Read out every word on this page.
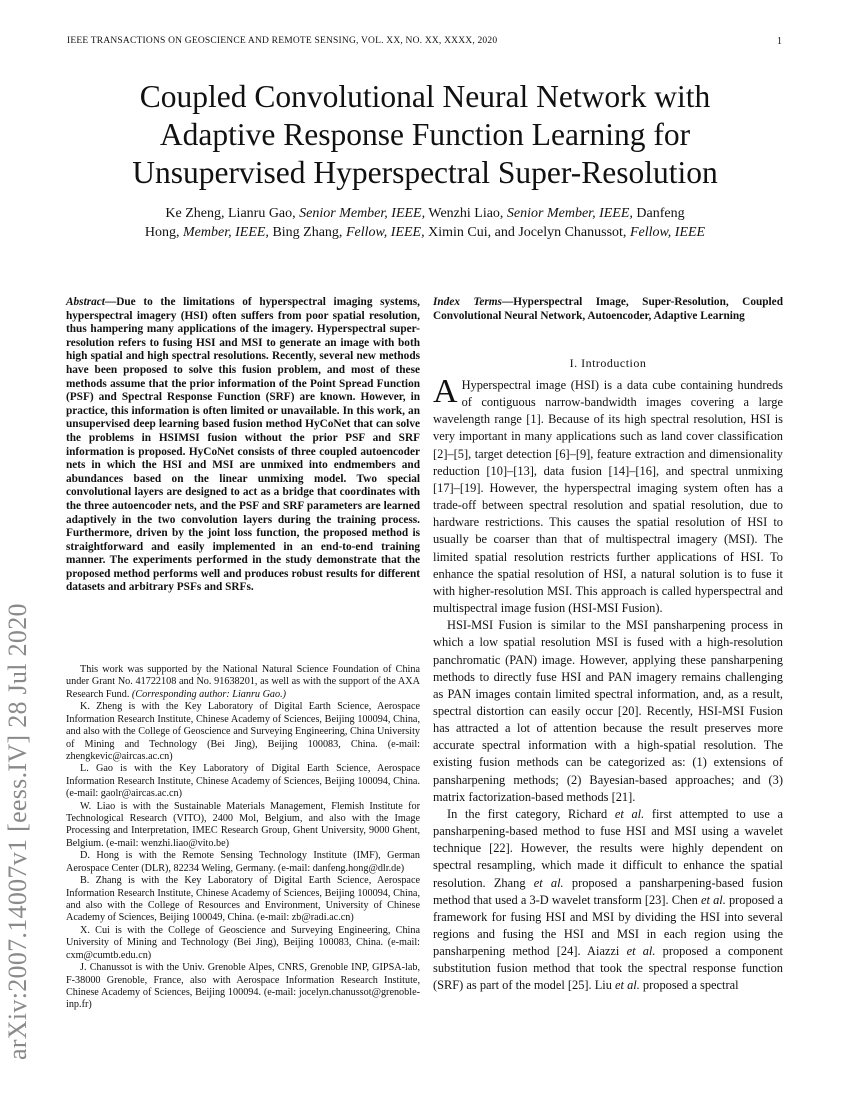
IEEE TRANSACTIONS ON GEOSCIENCE AND REMOTE SENSING, VOL. XX, NO. XX, XXXX, 2020	1
arXiv:2007.14007v1 [eess.IV] 28 Jul 2020
Coupled Convolutional Neural Network with
Adaptive Response Function Learning for
Unsupervised Hyperspectral Super-Resolution
Ke Zheng, Lianru Gao, Senior Member, IEEE, Wenzhi Liao, Senior Member, IEEE, Danfeng
Hong, Member, IEEE, Bing Zhang, Fellow, IEEE, Ximin Cui, and Jocelyn Chanussot, Fellow, IEEE
Abstract—Due to the limitations of hyperspectral imaging systems, hyperspectral imagery (HSI) often suffers from poor spatial resolution, thus hampering many applications of the imagery. Hyperspectral super-resolution refers to fusing HSI and MSI to generate an image with both high spatial and high spectral resolutions. Recently, several new methods have been proposed to solve this fusion problem, and most of these methods assume that the prior information of the Point Spread Function (PSF) and Spectral Response Function (SRF) are known. However, in practice, this information is often limited or unavailable. In this work, an unsupervised deep learning based fusion method HyCoNet that can solve the problems in HSIMSI fusion without the prior PSF and SRF information is proposed. HyCoNet consists of three coupled autoencoder nets in which the HSI and MSI are unmixed into endmembers and abundances based on the linear unmixing model. Two special convolutional layers are designed to act as a bridge that coordinates with the three autoencoder nets, and the PSF and SRF parameters are learned adaptively in the two convolution layers during the training process. Furthermore, driven by the joint loss function, the proposed method is straightforward and easily implemented in an end-to-end training manner. The experiments performed in the study demonstrate that the proposed method performs well and produces robust results for different datasets and arbitrary PSFs and SRFs.

This work was supported by the National Natural Science Foundation of China under Grant No. 41722108 and No. 91638201, as well as with the support of the AXA Research Fund. (Corresponding author: Lianru Gao.)

K. Zheng is with the Key Laboratory of Digital Earth Science, Aerospace Information Research Institute, Chinese Academy of Sciences, Beijing 100094, China, and also with the College of Geoscience and Surveying Engineering, China University of Mining and Technology (Bei Jing), Beijing 100083, China. (e-mail: zhengkevic@aircas.ac.cn)

L. Gao is with the Key Laboratory of Digital Earth Science, Aerospace Information Research Institute, Chinese Academy of Sciences, Beijing 100094, China. (e-mail: gaolr@aircas.ac.cn)

W. Liao is with the Sustainable Materials Management, Flemish Institute for Technological Research (VITO), 2400 Mol, Belgium, and also with the Image Processing and Interpretation, IMEC Research Group, Ghent University, 9000 Ghent, Belgium. (e-mail: wenzhi.liao@vito.be)

D. Hong is with the Remote Sensing Technology Institute (IMF), German Aerospace Center (DLR), 82234 Weling, Germany. (e-mail: danfeng.hong@dlr.de)

B. Zhang is with the Key Laboratory of Digital Earth Science, Aerospace Information Research Institute, Chinese Academy of Sciences, Beijing 100094, China, and also with the College of Resources and Environment, University of Chinese Academy of Sciences, Beijing 100049, China. (e-mail: zb@radi.ac.cn)

X. Cui is with the College of Geoscience and Surveying Engineering, China University of Mining and Technology (Bei Jing), Beijing 100083, China. (e-mail: cxm@cumtb.edu.cn)

J. Chanussot is with the Univ. Grenoble Alpes, CNRS, Grenoble INP, GIPSA-lab, F-38000 Grenoble, France, also with Aerospace Information Research Institute, Chinese Academy of Sciences, Beijing 100094. (e-mail: jocelyn.chanussot@grenoble-inp.fr)

Index Terms—Hyperspectral Image, Super-Resolution, Coupled Convolutional Neural Network, Autoencoder, Adaptive Learning
I. Introduction

A Hyperspectral image (HSI) is a data cube containing hundreds of contiguous narrow-bandwidth images covering a large wavelength range [1]. Because of its high spectral resolution, HSI is very important in many applications such as land cover classification [2]–[5], target detection [6]–[9], feature extraction and dimensionality reduction [10]–[13], data fusion [14]–[16], and spectral unmixing [17]–[19]. However, the hyperspectral imaging system often has a trade-off between spectral resolution and spatial resolution, due to hardware restrictions. This causes the spatial resolution of HSI to usually be coarser than that of multispectral imagery (MSI). The limited spatial resolution restricts further applications of HSI. To enhance the spatial resolution of HSI, a natural solution is to fuse it with higher-resolution MSI. This approach is called hyperspectral and multispectral image fusion (HSI-MSI Fusion).

HSI-MSI Fusion is similar to the MSI pansharpening process in which a low spatial resolution MSI is fused with a high-resolution panchromatic (PAN) image. However, applying these pansharpening methods to directly fuse HSI and PAN imagery remains challenging as PAN images contain limited spectral information, and, as a result, spectral distortion can easily occur [20]. Recently, HSI-MSI Fusion has attracted a lot of attention because the result preserves more accurate spectral information with a high-spatial resolution. The existing fusion methods can be categorized as: (1) extensions of pansharpening methods; (2) Bayesian-based approaches; and (3) matrix factorization-based methods [21].

In the first category, Richard et al. first attempted to use a pansharpening-based method to fuse HSI and MSI using a wavelet technique [22]. However, the results were highly dependent on spectral resampling, which made it difficult to enhance the spatial resolution. Zhang et al. proposed a pansharpening-based fusion method that used a 3-D wavelet transform [23]. Chen et al. proposed a framework for fusing HSI and MSI by dividing the HSI into several regions and fusing the HSI and MSI in each region using the pansharpening method [24]. Aiazzi et al. proposed a component substitution fusion method that took the spectral response function (SRF) as part of the model [25]. Liu et al. proposed a spectral
